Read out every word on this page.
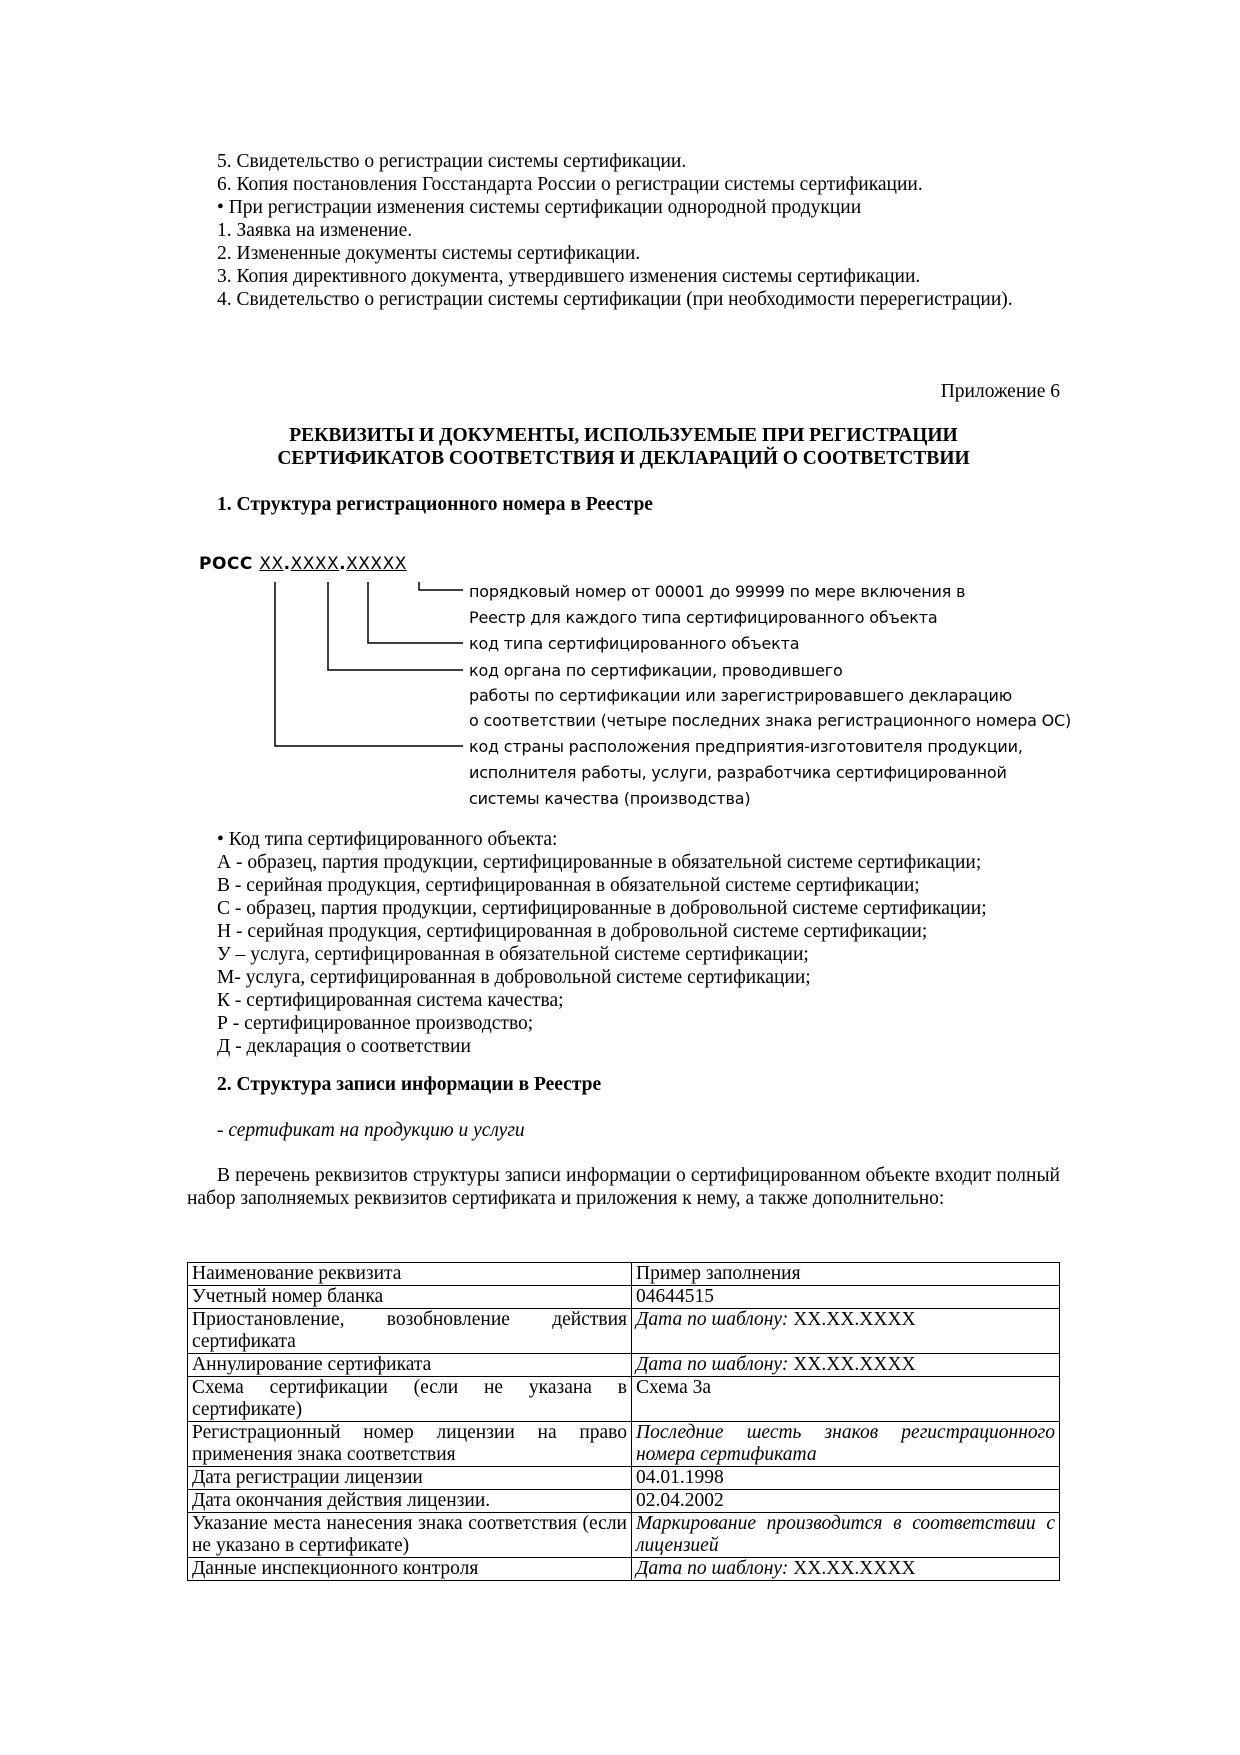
5. Свидетельство о регистрации системы сертификации.

6. Копия постановления Госстандарта России о регистрации системы сертификации.

• При регистрации изменения системы сертификации однородной продукции

1. Заявка на изменение.

2. Измененные документы системы сертификации.

3. Копия директивного документа, утвердившего изменения системы сертификации.

4. Свидетельство о регистрации системы сертификации (при необходимости перерегистрации).

Приложение 6

РЕКВИЗИТЫ И ДОКУМЕНТЫ, ИСПОЛЬЗУЕМЫЕ ПРИ РЕГИСТРАЦИИ
СЕРТИФИКАТОВ СООТВЕТСТВИЯ И ДЕКЛАРАЦИЙ О СООТВЕТСТВИИ

1. Структура регистрационного номера в Реестре

РОСС XX.XXXX.XXXXX
порядковый номер от 00001 до 99999 по мере включения в
Реестр для каждого типа сертифицированного объекта
код типа сертифицированного объекта
код органа по сертификации, проводившего
работы по сертификации или зарегистрировавшего декларацию
о соответствии (четыре последних знака регистрационного номера ОС)
код страны расположения предприятия-изготовителя продукции,
исполнителя работы, услуги, разработчика сертифицированной
системы качества (производства)

• Код типа сертифицированного объекта:

А - образец, партия продукции, сертифицированные в обязательной системе сертификации;

В - серийная продукция, сертифицированная в обязательной системе сертификации;

С - образец, партия продукции, сертифицированные в добровольной системе сертификации;

Н - серийная продукция, сертифицированная в добровольной системе сертификации;

У – услуга, сертифицированная в обязательной системе сертификации;

М- услуга, сертифицированная в добровольной системе сертификации;

К - сертифицированная система качества;

Р - сертифицированное производство;

Д - декларация о соответствии

2. Структура записи информации в Реестре

- сертификат на продукцию и услуги

В перечень реквизитов структуры записи информации о сертифицированном объекте входит полный набор заполняемых реквизитов сертификата и приложения к нему, а также дополнительно:

Наименование реквизита	Пример заполнения
Учетный номер бланка	04644515
Приостановление, возобновление действия сертификата	Дата по шаблону: XX.XX.XXXX
Аннулирование сертификата	Дата по шаблону: XX.XX.XXXX
Схема сертификации (если не указана в сертификате)	Схема 3а
Регистрационный номер лицензии на право применения знака соответствия	Последние шесть знаков регистрационного номера сертификата
Дата регистрации лицензии	04.01.1998
Дата окончания действия лицензии.	02.04.2002
Указание места нанесения знака соответствия (если не указано в сертификате)	Маркирование производится в соответствии с лицензией
Данные инспекционного контроля	Дата по шаблону: XX.XX.XXXX
